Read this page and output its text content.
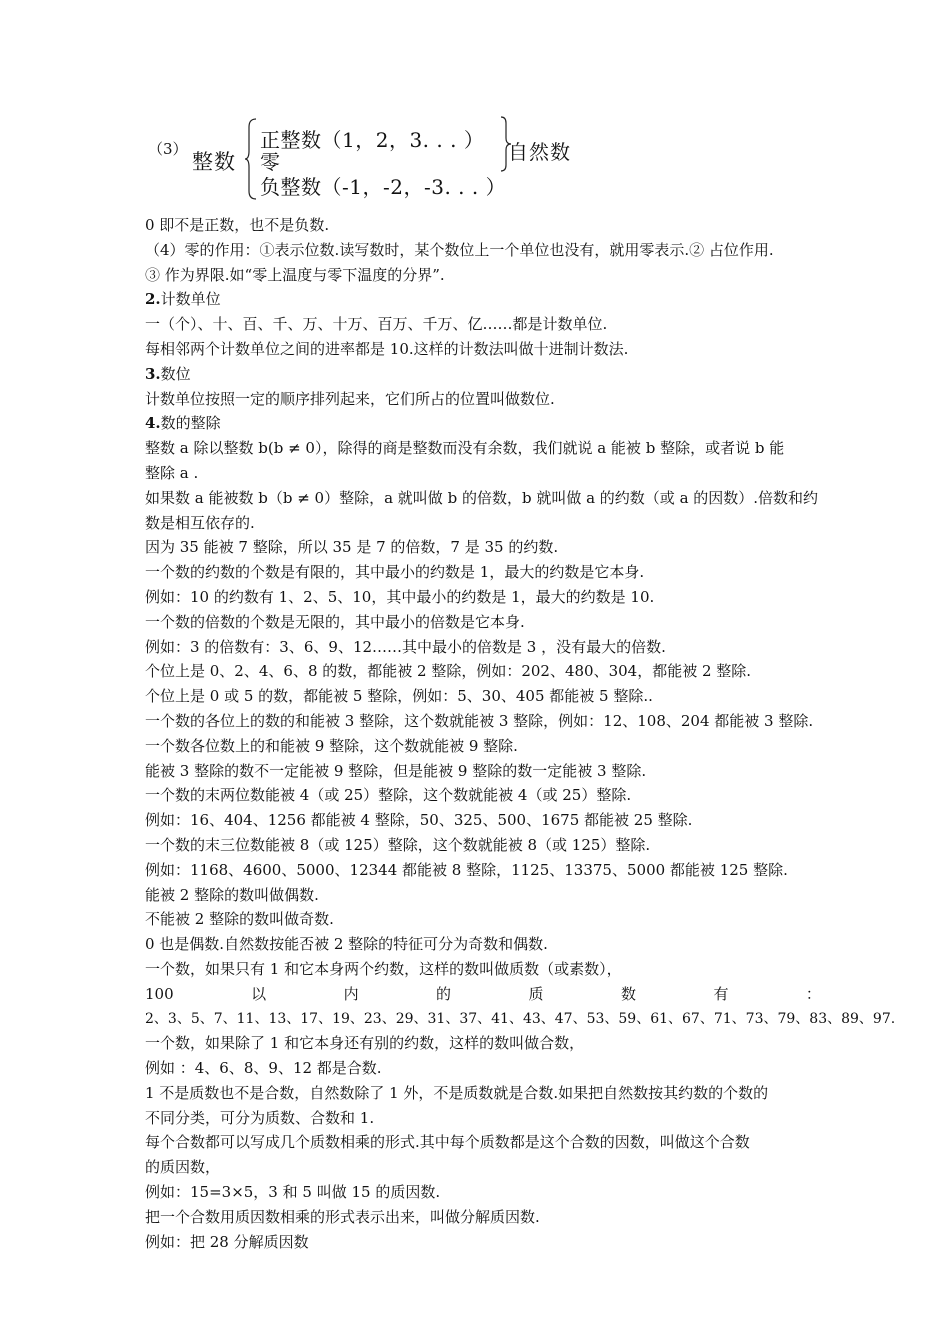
（3）
整数
正整数（1，2，3. . . ）
零
负整数（-1，-2，-3. . . ）
自然数

0 即不是正数，也不是负数.

（4）零的作用：①表示位数.读写数时，某个数位上一个单位也没有，就用零表示.② 占位作用.

③ 作为界限.如“零上温度与零下温度的分界”.

2.计数单位

一（个）、十、百、千、万、十万、百万、千万、亿……都是计数单位.

每相邻两个计数单位之间的进率都是 10.这样的计数法叫做十进制计数法.

3.数位

计数单位按照一定的顺序排列起来，它们所占的位置叫做数位.

4.数的整除

整数 a 除以整数 b(b ≠ 0），除得的商是整数而没有余数，我们就说 a 能被 b 整除，或者说 b 能

整除 a .

如果数 a 能被数 b（b ≠ 0）整除，a 就叫做 b 的倍数，b 就叫做 a 的约数（或 a 的因数）.倍数和约

数是相互依存的.

因为 35 能被 7 整除，所以 35 是 7 的倍数，7 是 35 的约数.

一个数的约数的个数是有限的，其中最小的约数是 1，最大的约数是它本身.

例如：10 的约数有 1、2、5、10，其中最小的约数是 1，最大的约数是 10.

一个数的倍数的个数是无限的，其中最小的倍数是它本身.

例如：3 的倍数有：3、6、9、12……其中最小的倍数是 3 ，没有最大的倍数.

个位上是 0、2、4、6、8 的数，都能被 2 整除，例如：202、480、304，都能被 2 整除.

个位上是 0 或 5 的数，都能被 5 整除，例如：5、30、405 都能被 5 整除..

一个数的各位上的数的和能被 3 整除，这个数就能被 3 整除，例如：12、108、204 都能被 3 整除.

一个数各位数上的和能被 9 整除，这个数就能被 9 整除.

能被 3 整除的数不一定能被 9 整除，但是能被 9 整除的数一定能被 3 整除.

一个数的末两位数能被 4（或 25）整除，这个数就能被 4（或 25）整除.

例如：16、404、1256 都能被 4 整除，50、325、500、1675 都能被 25 整除.

一个数的末三位数能被 8（或 125）整除，这个数就能被 8（或 125）整除.

例如：1168、4600、5000、12344 都能被 8 整除，1125、13375、5000 都能被 125 整除.

能被 2 整除的数叫做偶数.

不能被 2 整除的数叫做奇数.

0 也是偶数.自然数按能否被 2 整除的特征可分为奇数和偶数.

一个数，如果只有 1 和它本身两个约数，这样的数叫做质数（或素数），

100	以	内	的	质	数	有	：

2、3、5、7、11、13、17、19、23、29、31、37、41、43、47、53、59、61、67、71、73、79、83、89、97.

一个数，如果除了 1 和它本身还有别的约数，这样的数叫做合数，

例如 ：4、6、8、9、12 都是合数.

1 不是质数也不是合数，自然数除了 1 外，不是质数就是合数.如果把自然数按其约数的个数的

不同分类，可分为质数、合数和 1.

每个合数都可以写成几个质数相乘的形式.其中每个质数都是这个合数的因数，叫做这个合数

的质因数，

例如：15=3×5，3 和 5 叫做 15 的质因数.

把一个合数用质因数相乘的形式表示出来，叫做分解质因数.

例如：把 28 分解质因数
